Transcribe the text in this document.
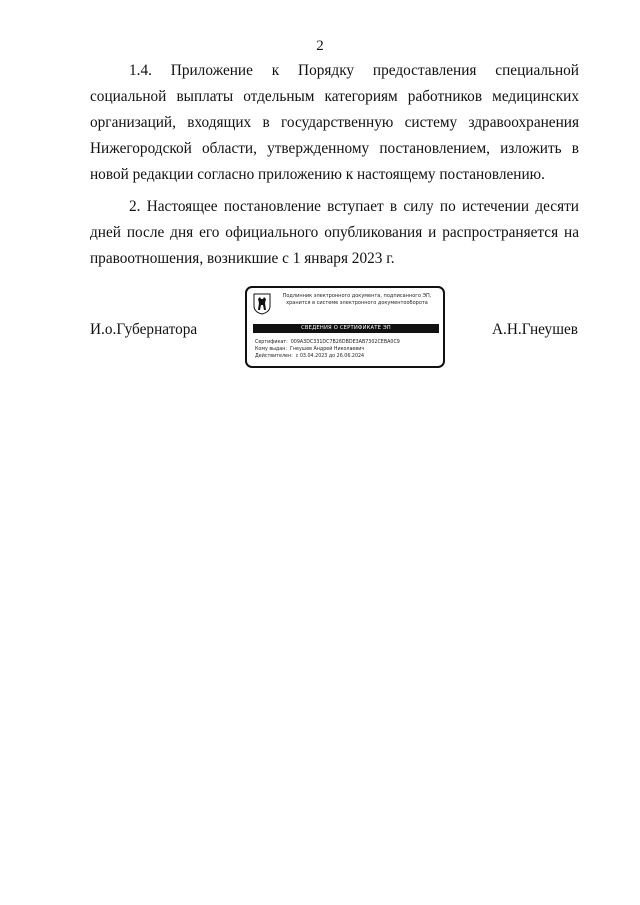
2

1.4. Приложение к Порядку предоставления специальной социальной выплаты отдельным категориям работников медицинских организаций, входящих в государственную систему здравоохранения Нижегородской области, утвержденному постановлением, изложить в новой редакции согласно приложению к настоящему постановлению.

2. Настоящее постановление вступает в силу по истечении десяти дней после дня его официального опубликования и распространяется на правоотношения, возникшие с 1 января 2023 г.

И.о.Губернатора	А.Н.Гнеушев
Подлинник электронного документа, подписанного ЭП,
хранится в системе электронного документооборота
СВЕДЕНИЯ О СЕРТИФИКАТЕ ЭП
Сертификат: 009A3DC331DC7B26DBDE3AB7302CEBA0C9
Кому выдан: Гнеушев Андрей Николаевич
Действителен: с 03.04.2023 до 26.06.2024
